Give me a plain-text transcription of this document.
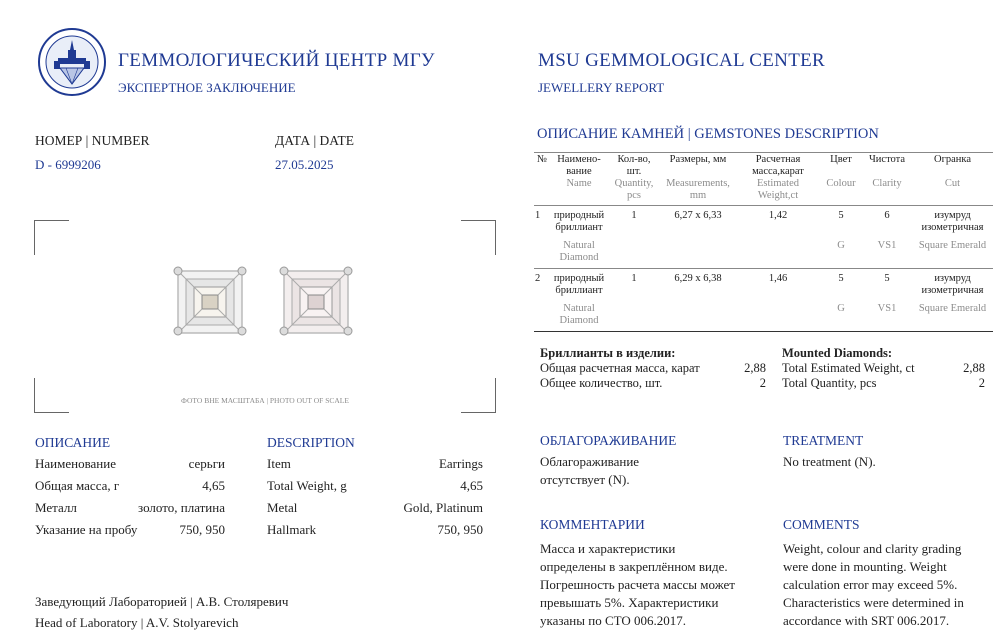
ГЕММОЛОГИЧЕСКИЙ ЦЕНТР МГУ
ЭКСПЕРТНОЕ ЗАКЛЮЧЕНИЕ
MSU GEMMOLOGICAL CENTER
JEWELLERY REPORT
НОМЕР | NUMBER
D - 6999206
ДАТА | DATE
27.05.2025
ФОТО ВНЕ МАСШТАБА | PHOTO OUT OF SCALE
ОПИСАНИЕ
Наименование	серьги
Общая масса, г	4,65
Металл	золото, платина
Указание на пробу	750, 950
DESCRIPTION
Item	Earrings
Total Weight, g	4,65
Metal	Gold, Platinum
Hallmark	750, 950
Заведующий Лабораторией | А.В. Столяревич
Head of Laboratory | A.V. Stolyarevich
ОПИСАНИЕ КАМНЕЙ | GEMSTONES DESCRIPTION
№	Наимено-вание	Кол-во, шт.	Размеры, мм	Расчетная масса,карат	Цвет	Чистота	Огранка
	Name	Quantity, pcs	Measurements, mm	Estimated Weight,ct	Colour	Clarity	Cut

1	природный бриллиант	1	6,27 x 6,33	1,42	5	6	изумруд изометричная
	Natural Diamond				G	VS1	Square Emerald

2	природный бриллиант	1	6,29 x 6,38	1,46	5	5	изумруд изометричная
	Natural Diamond				G	VS1	Square Emerald

Бриллианты в изделии:
Общая расчетная масса, карат	2,88
Общее количество, шт.	2
Mounted Diamonds:
Total Estimated Weight, ct	2,88
Total Quantity, pcs	2
ОБЛАГОРАЖИВАНИЕ
Облагораживание
отсутствует (N).
TREATMENT
No treatment (N).
КОММЕНТАРИИ
Масса и характеристики
определены в закреплённом виде.
Погрешность расчета массы может
превышать 5%. Характеристики
указаны по СТО 006.2017.
COMMENTS
Weight, colour and clarity grading
were done in mounting. Weight
calculation error may exceed 5%.
Characteristics were determined in
accordance with SRT 006.2017.
